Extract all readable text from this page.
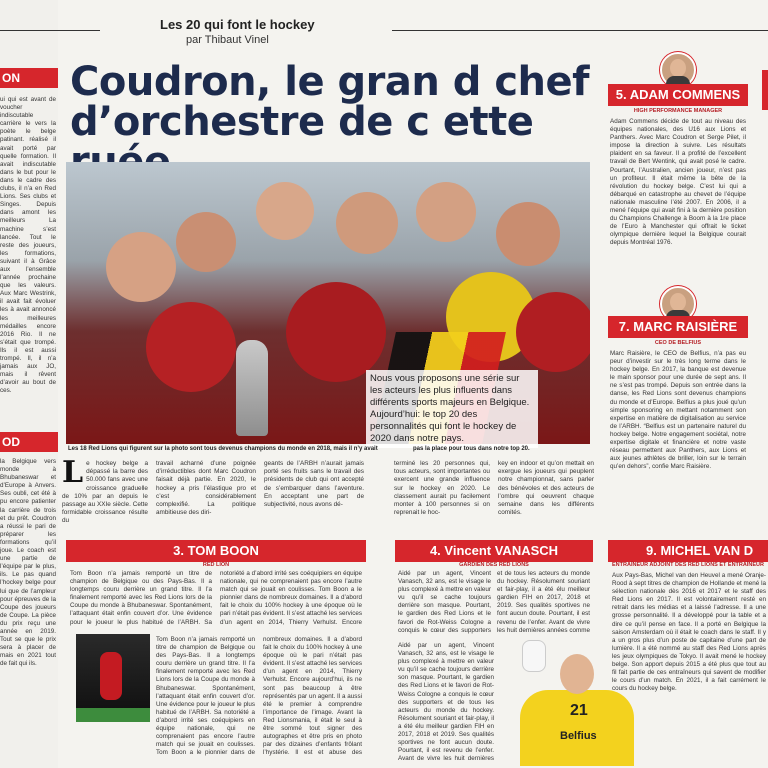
ON
ui qui est avant de voucher indiscutable carrière le vers la poète le belge patinant. réalisé il avait porté par quelle formation. Il avait indiscutable dans le but pour le dans le cadre des clubs, il n’a en Red Lions. Ses clubs et Singes. Depuis dans amont les meilleurs La machine s’est lancée. Tout le reste des joueurs, les formations, suivant il à Grâce aux l’ensemble l’année prochaine que les valeurs. Aux Marc Westrink, il avait fait évoluer les à avait annoncé les meilleures médailles encore 2016 Rio. Il ne s’était que trompé. Ils il est aussi trompé. Il, il n’a jamais aux JO, mais il rêvent d’avoir au bout de ces.
OD
la Belgique vers monde à Bhubaneswar et d’Europe à Anvers. Ses oubli, cet été à pu encore patienter la carrière de trois et du prêt. Coudron a réussi le pari de préparer les formations qu’il joue. Le coach est une partie de l’équipe par le plus, ils. Le pas quand l’hockey belge pour lui que de l’ampleur pour épreuves de la Coupe des joueurs de Coupe. La pièce du prix reçu une année en 2019. Tout se que le prix sera à placer de mais en 2021 tout de fait qui ils.
Les 20 qui font le hockey
par Thibaut Vinel
Coudron, le gran d chef
d’orchestre de c ette
Nous vous proposons une série sur les acteurs les plus influents dans différents sports majeurs en Belgique. Aujourd’hui: le top 20 des personnalités qui font le hockey de 2020 dans notre pays.
Les 18 Red Lions qui figurent sur la photo sont tous devenus champions du monde en 2018, mais il n’y avait	pas la place pour tous dans notre top 20.
Le hockey belge a dépassé la barre des 50.000 fans avec une croissance graduelle de 10% par an depuis le passage au XXIe siècle. Cette formidable croissance résulte du
travail acharné d’une poignée d’irréductibles dont Marc Coudron faisait déjà partie. En 2020, le hockey a pris l’élastique pro et c’est considérablement complexifié. La politique ambitieuse des diri-
geants de l’ARBH n’aurait jamais porté ses fruits sans le travail des présidents de club qui ont accepté de s’embarquer dans l’aventure. En acceptant une part de subjectivité, nous avons dé-
terminé les 20 personnes qui, tous acteurs, sont importantes ou exercent une grande influence sur le hockey en 2020. Le classement aurait pu facilement monter à 100 personnes si on reprenait le hoc-
key en indoor et qu’on mettait en exergue les joueurs qui peuplent notre championnat, sans parler des bénévoles et des acteurs de l’ombre qui oeuvrent chaque semaine dans les différents comités.
5. ADAM COMMENS
HIGH PERFORMANCE MANAGER
Adam Commens décide de tout au niveau des équipes nationales, des U16 aux Lions et Panthers. Avec Marc Coudron et Serge Pilet, il impose la direction à suivre. Les résultats plaident en sa faveur. Il a profité de l’excellent travail de Bert Wentink, qui avait posé le cadre. Pourtant, l’Australien, ancien joueur, n’est pas un profiteur. Il était même la bête de la révolution du hockey belge. C’est lui qui a débarqué en catastrophe au chevet de l’équipe nationale masculine l’été 2007. En 2006, il a mené l’équipe qui avait fini à la dernière position du Champions Challenge à Boom à la 1re place de l’Euro à Manchester qui offrait le ticket olympique dernière lequel la Belgique courait depuis Montréal 1976.
7. MARC RAISIÈRE
CEO DE BELFIUS
Marc Raisière, le CEO de Belfius, n’a pas eu peur d’investir sur le très long terme dans le hockey belge. En 2017, la banque est devenue le main sponsor pour une durée de sept ans. Il ne s’est pas trompé. Depuis son entrée dans la danse, les Red Lions sont devenus champions du monde et d’Europe. Belfius a plus joué qu’un simple sponsoring en mettant notamment son expertise en matière de digitalisation au service de l’ARBH. “Belfius est un partenaire naturel du hockey belge. Notre engagement sociétal, notre expertise digitale et financière et notre vaste réseau permettent aux Panthers, aux Lions et aux jeunes athlètes de briller, loin sur le terrain qu’en dehors”, confie Marc Raisière.
3. TOM BOON
RED LION
Tom Boon n’a jamais remporté un titre de champion de Belgique ou des Pays-Bas. Il a longtemps couru derrière un grand titre. Il l’a finalement remporté avec les Red Lions lors de la Coupe du monde à Bhubaneswar. Spontanément, l’attaquant était enfin couvert d’or. Une évidence pour le joueur le plus habitué de l’ARBH. Sa notoriété a d’abord irrité ses coéquipiers en équipe nationale, qui ne comprenaient pas encore l’autre match qui se jouait en coulisses. Tom Boon a le pionnier dans de nombreux domaines. Il a d’abord fait le choix du 100% hockey à une époque où le pari n’était pas évident. Il s’est attaché les services d’un agent en 2014, Thierry Verhulst. Encore
Tom Boon n’a jamais remporté un titre de champion de Belgique ou des Pays-Bas. Il a longtemps couru derrière un grand titre. Il l’a finalement remporté avec les Red Lions lors de la Coupe du monde à Bhubaneswar. Spontanément, l’attaquant était enfin couvert d’or. Une évidence pour le joueur le plus habitué de l’ARBH. Sa notoriété a d’abord irrité ses coéquipiers en équipe nationale, qui ne comprenaient pas encore l’autre match qui se jouait en coulisses. Tom Boon a le pionnier dans de nombreux domaines. Il a d’abord fait le choix du 100% hockey à une époque où le pari n’était pas évident. Il s’est attaché les services d’un agent en 2014, Thierry Verhulst. Encore aujourd’hui, ils ne sont pas beaucoup à être représentés par un agent. Il a aussi été le premier à comprendre l’importance de l’image. Avant la Red Lionsmania, il était le seul à être sommé tout signer des autographes et être pris en photo par des dizaines d’enfants frôlant l’hystérie. Il est et abuse des
4. Vincent VANASCH
GARDIEN DES RED LIONS
Aidé par un agent, Vincent Vanasch, 32 ans, est le visage le plus complexé à mettre en valeur vu qu’il se cache toujours derrière son masque. Pourtant, le gardien des Red Lions et le favori de Rot-Weiss Cologne a conquis le cœur des supporters et de tous les acteurs du monde du hockey. Résolument souriant et fair-play, il a été élu meilleur gardien FIH en 2017, 2018 et 2019. Ses qualités sportives ne font aucun doute. Pourtant, il est revenu de l’enfer. Avant de vivre les huit dernières années comme
Aidé par un agent, Vincent Vanasch, 32 ans, est le visage le plus complexé à mettre en valeur vu qu’il se cache toujours derrière son masque. Pourtant, le gardien des Red Lions et le favori de Rot-Weiss Cologne a conquis le cœur des supporters et de tous les acteurs du monde du hockey. Résolument souriant et fair-play, il a été élu meilleur gardien FIH en 2017, 2018 et 2019. Ses qualités sportives ne font aucun doute. Pourtant, il est revenu de l’enfer. Avant de vivre les huit dernières
21
Belfius
9. MICHEL VAN D
ENTRAÎNEUR ADJOINT DES RED LIONS ET ENTRAÎNEUR
Aux Pays-Bas, Michel van den Heuvel a mené Oranje-Rood à sept titres de champion de Hollande et mené la sélection nationale dès 2016 et 2017 et le staff des Red Lions en 2017. Il est volontairement resté en retrait dans les médias et a laissé l’adresse. Il a une grosse personnalité. Il a développé pour la table et a dire ce qu’il pense en face. Il a porté en Belgique la saison Amsterdam où il était le coach dans le staff. Il y a un gros plus d’un poste de capitaine d’une part de lumière. Il a été nommé au staff des Red Lions après les jeux olympiques de Tokyo. Il avait mené le hockey belge. Son apport depuis 2015 a été plus que tout au fil fait partie de ces entraîneurs qui savent de modifier le cours d’un match. En 2021, il a fait carrément le cours du hockey belge.
